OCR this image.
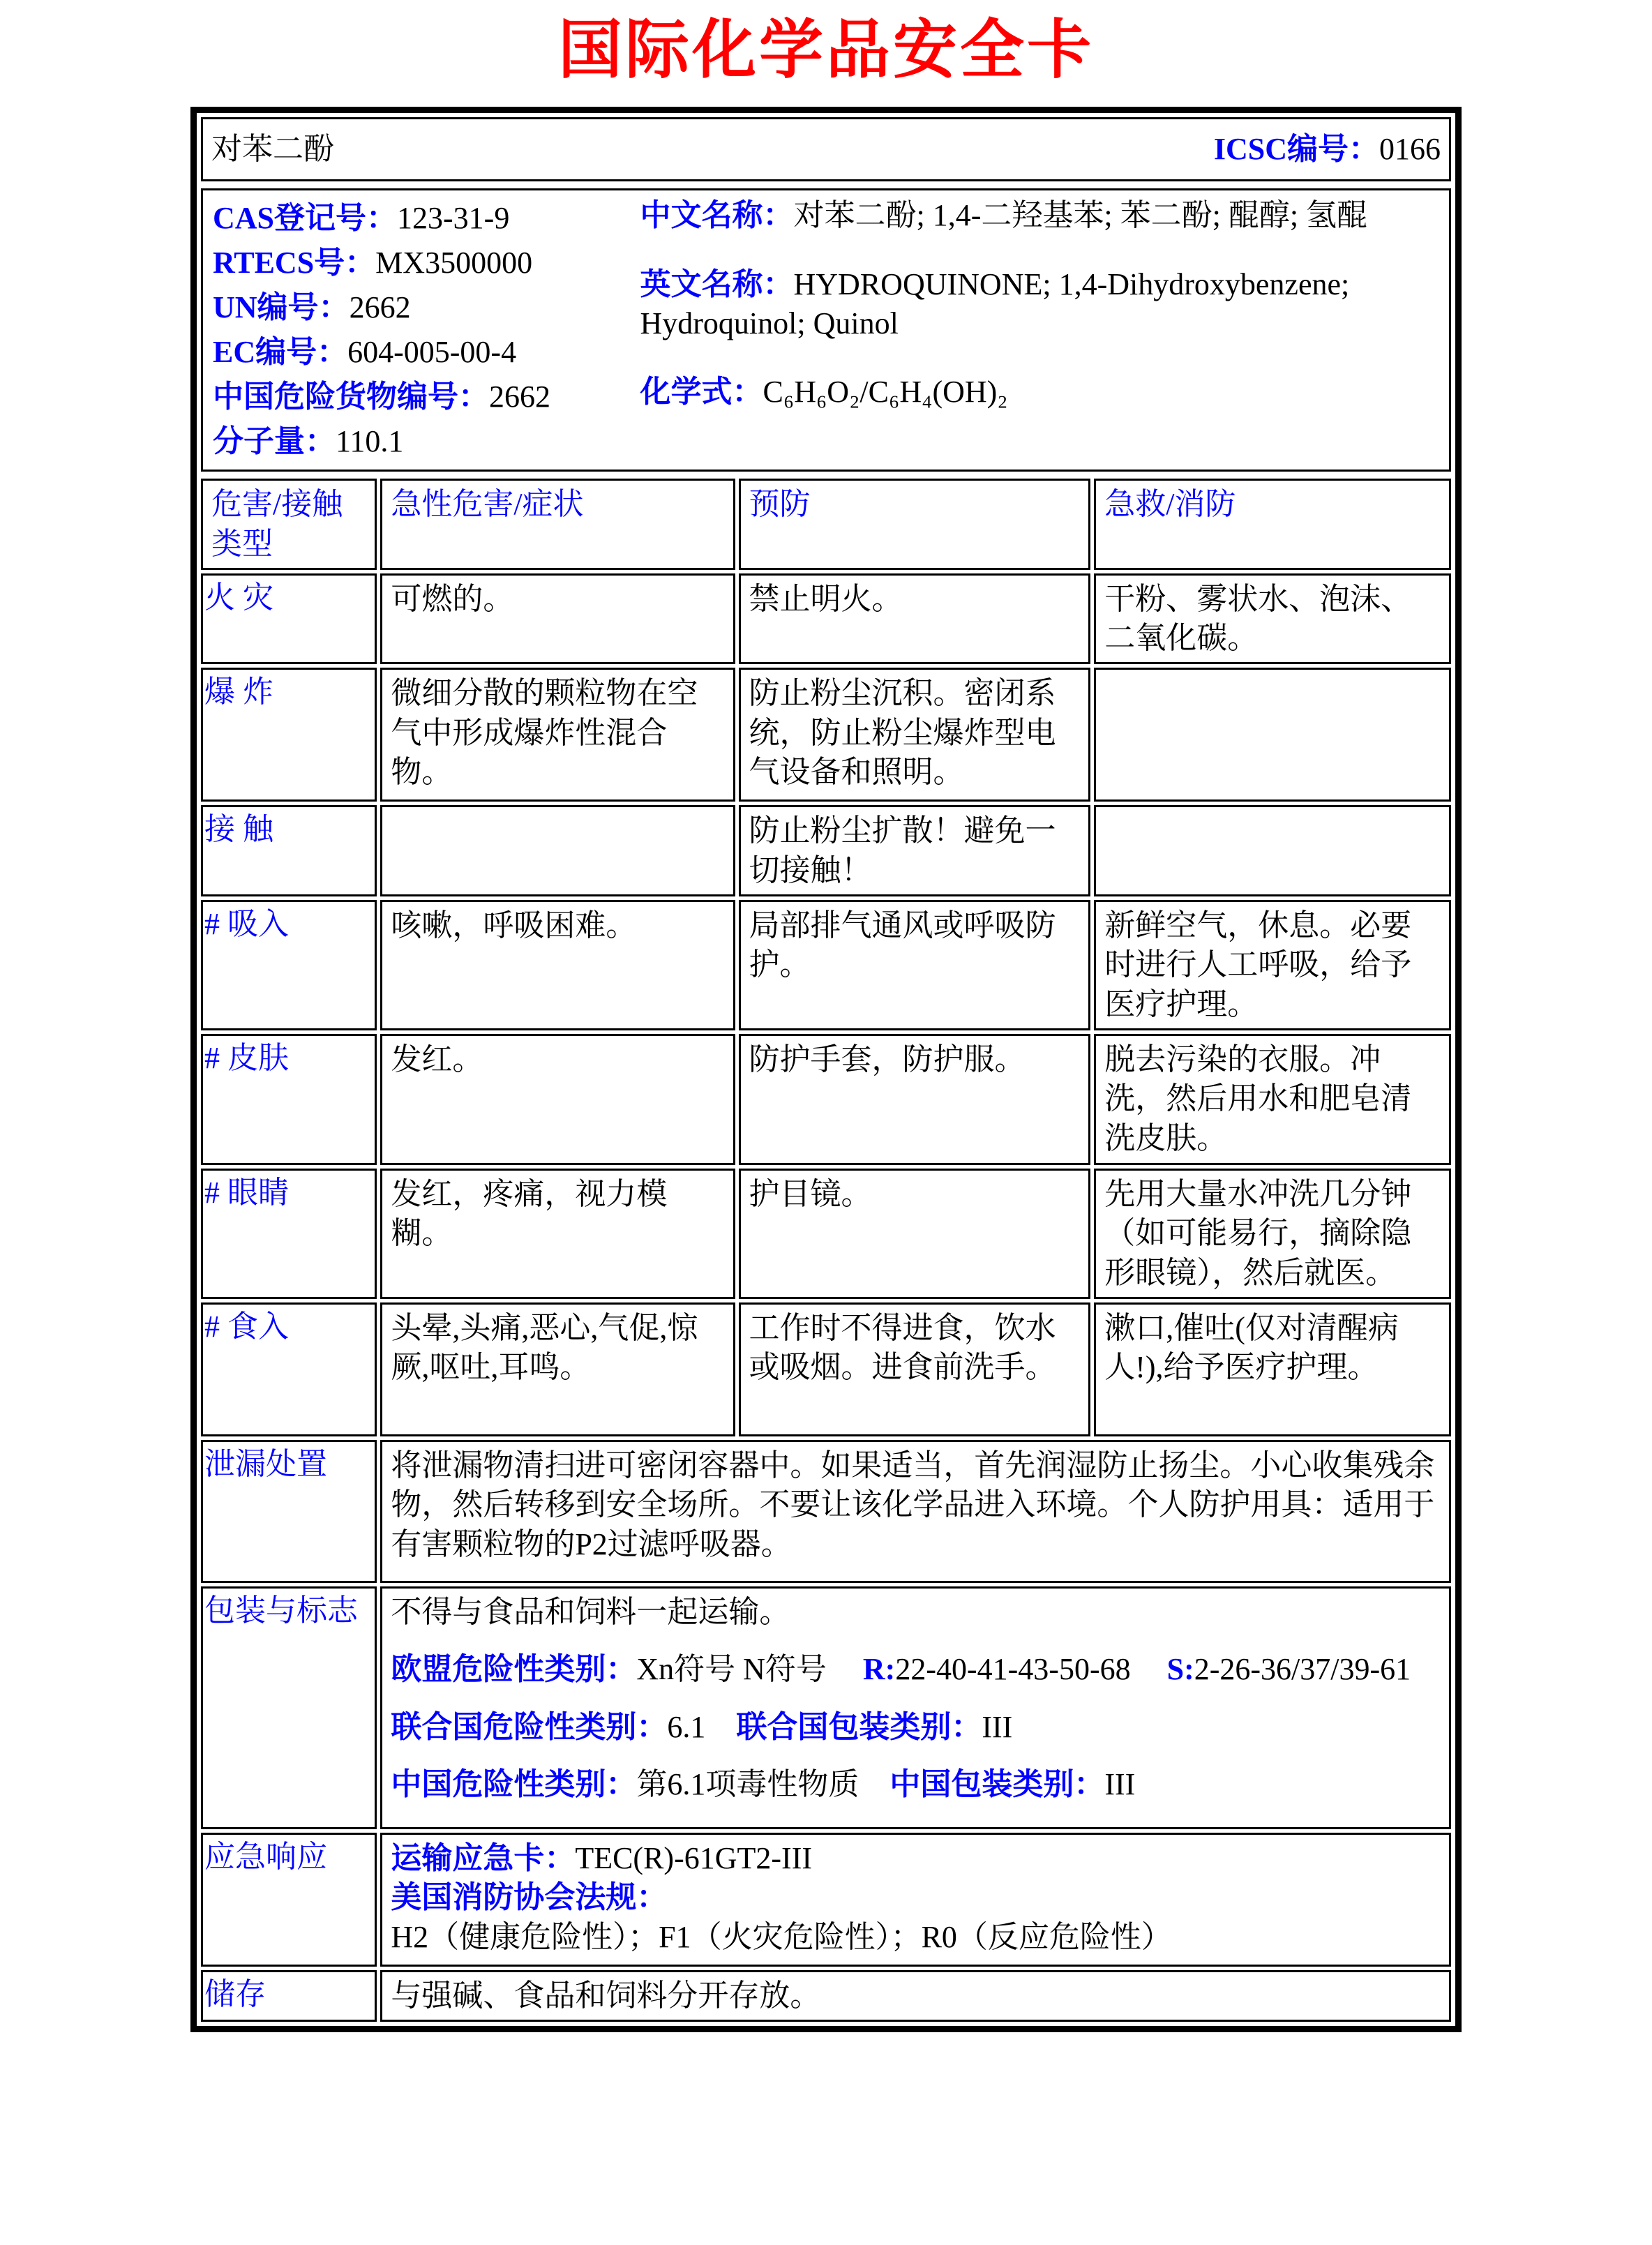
国际化学品安全卡
对苯二酚	ICSC编号：0166
CAS登记号：123-31-9
RTECS号：MX3500000
UN编号：2662
EC编号：604-005-00-4
中国危险货物编号：2662
分子量：110.1
中文名称：对苯二酚; 1,4-二羟基苯; 苯二酚; 醌醇; 氢醌
英文名称：HYDROQUINONE; 1,4-Dihydroxybenzene; Hydroquinol; Quinol
化学式：C₆H₆O₂/C₆H₄(OH)₂
危害/接触类型	急性危害/症状	预防	急救/消防
火 灾	可燃的。	禁止明火。	干粉、雾状水、泡沫、二氧化碳。
爆 炸	微细分散的颗粒物在空气中形成爆炸性混合物。	防止粉尘沉积。密闭系统，防止粉尘爆炸型电气设备和照明。	
接 触		防止粉尘扩散！避免一切接触！	
# 吸入	咳嗽，呼吸困难。	局部排气通风或呼吸防护。	新鲜空气，休息。必要时进行人工呼吸，给予医疗护理。
# 皮肤	发红。	防护手套，防护服。	脱去污染的衣服。冲洗，然后用水和肥皂清洗皮肤。
# 眼睛	发红，疼痛，视力模糊。	护目镜。	先用大量水冲洗几分钟（如可能易行，摘除隐形眼镜），然后就医。
# 食入	头晕,头痛,恶心,气促,惊厥,呕吐,耳鸣。	工作时不得进食，饮水或吸烟。进食前洗手。	漱口,催吐(仅对清醒病人!),给予医疗护理。
泄漏处置	将泄漏物清扫进可密闭容器中。如果适当，首先润湿防止扬尘。小心收集残余物，然后转移到安全场所。不要让该化学品进入环境。个人防护用具：适用于有害颗粒物的P2过滤呼吸器。		
包装与标志	不得与食品和饲料一起运输。
欧盟危险性类别：Xn符号 N符号 R:22-40-41-43-50-68 S:2-26-36/37/39-61
联合国危险性类别：6.1 联合国包装类别：III
中国危险性类别：第6.1项毒性物质 中国包装类别：III		

应急响应	运输应急卡：TEC(R)-61GT2-III
美国消防协会法规：H2（健康危险性）；F1（火灾危险性）；R0（反应危险性）		

储存	与强碱、食品和饲料分开存放。		
